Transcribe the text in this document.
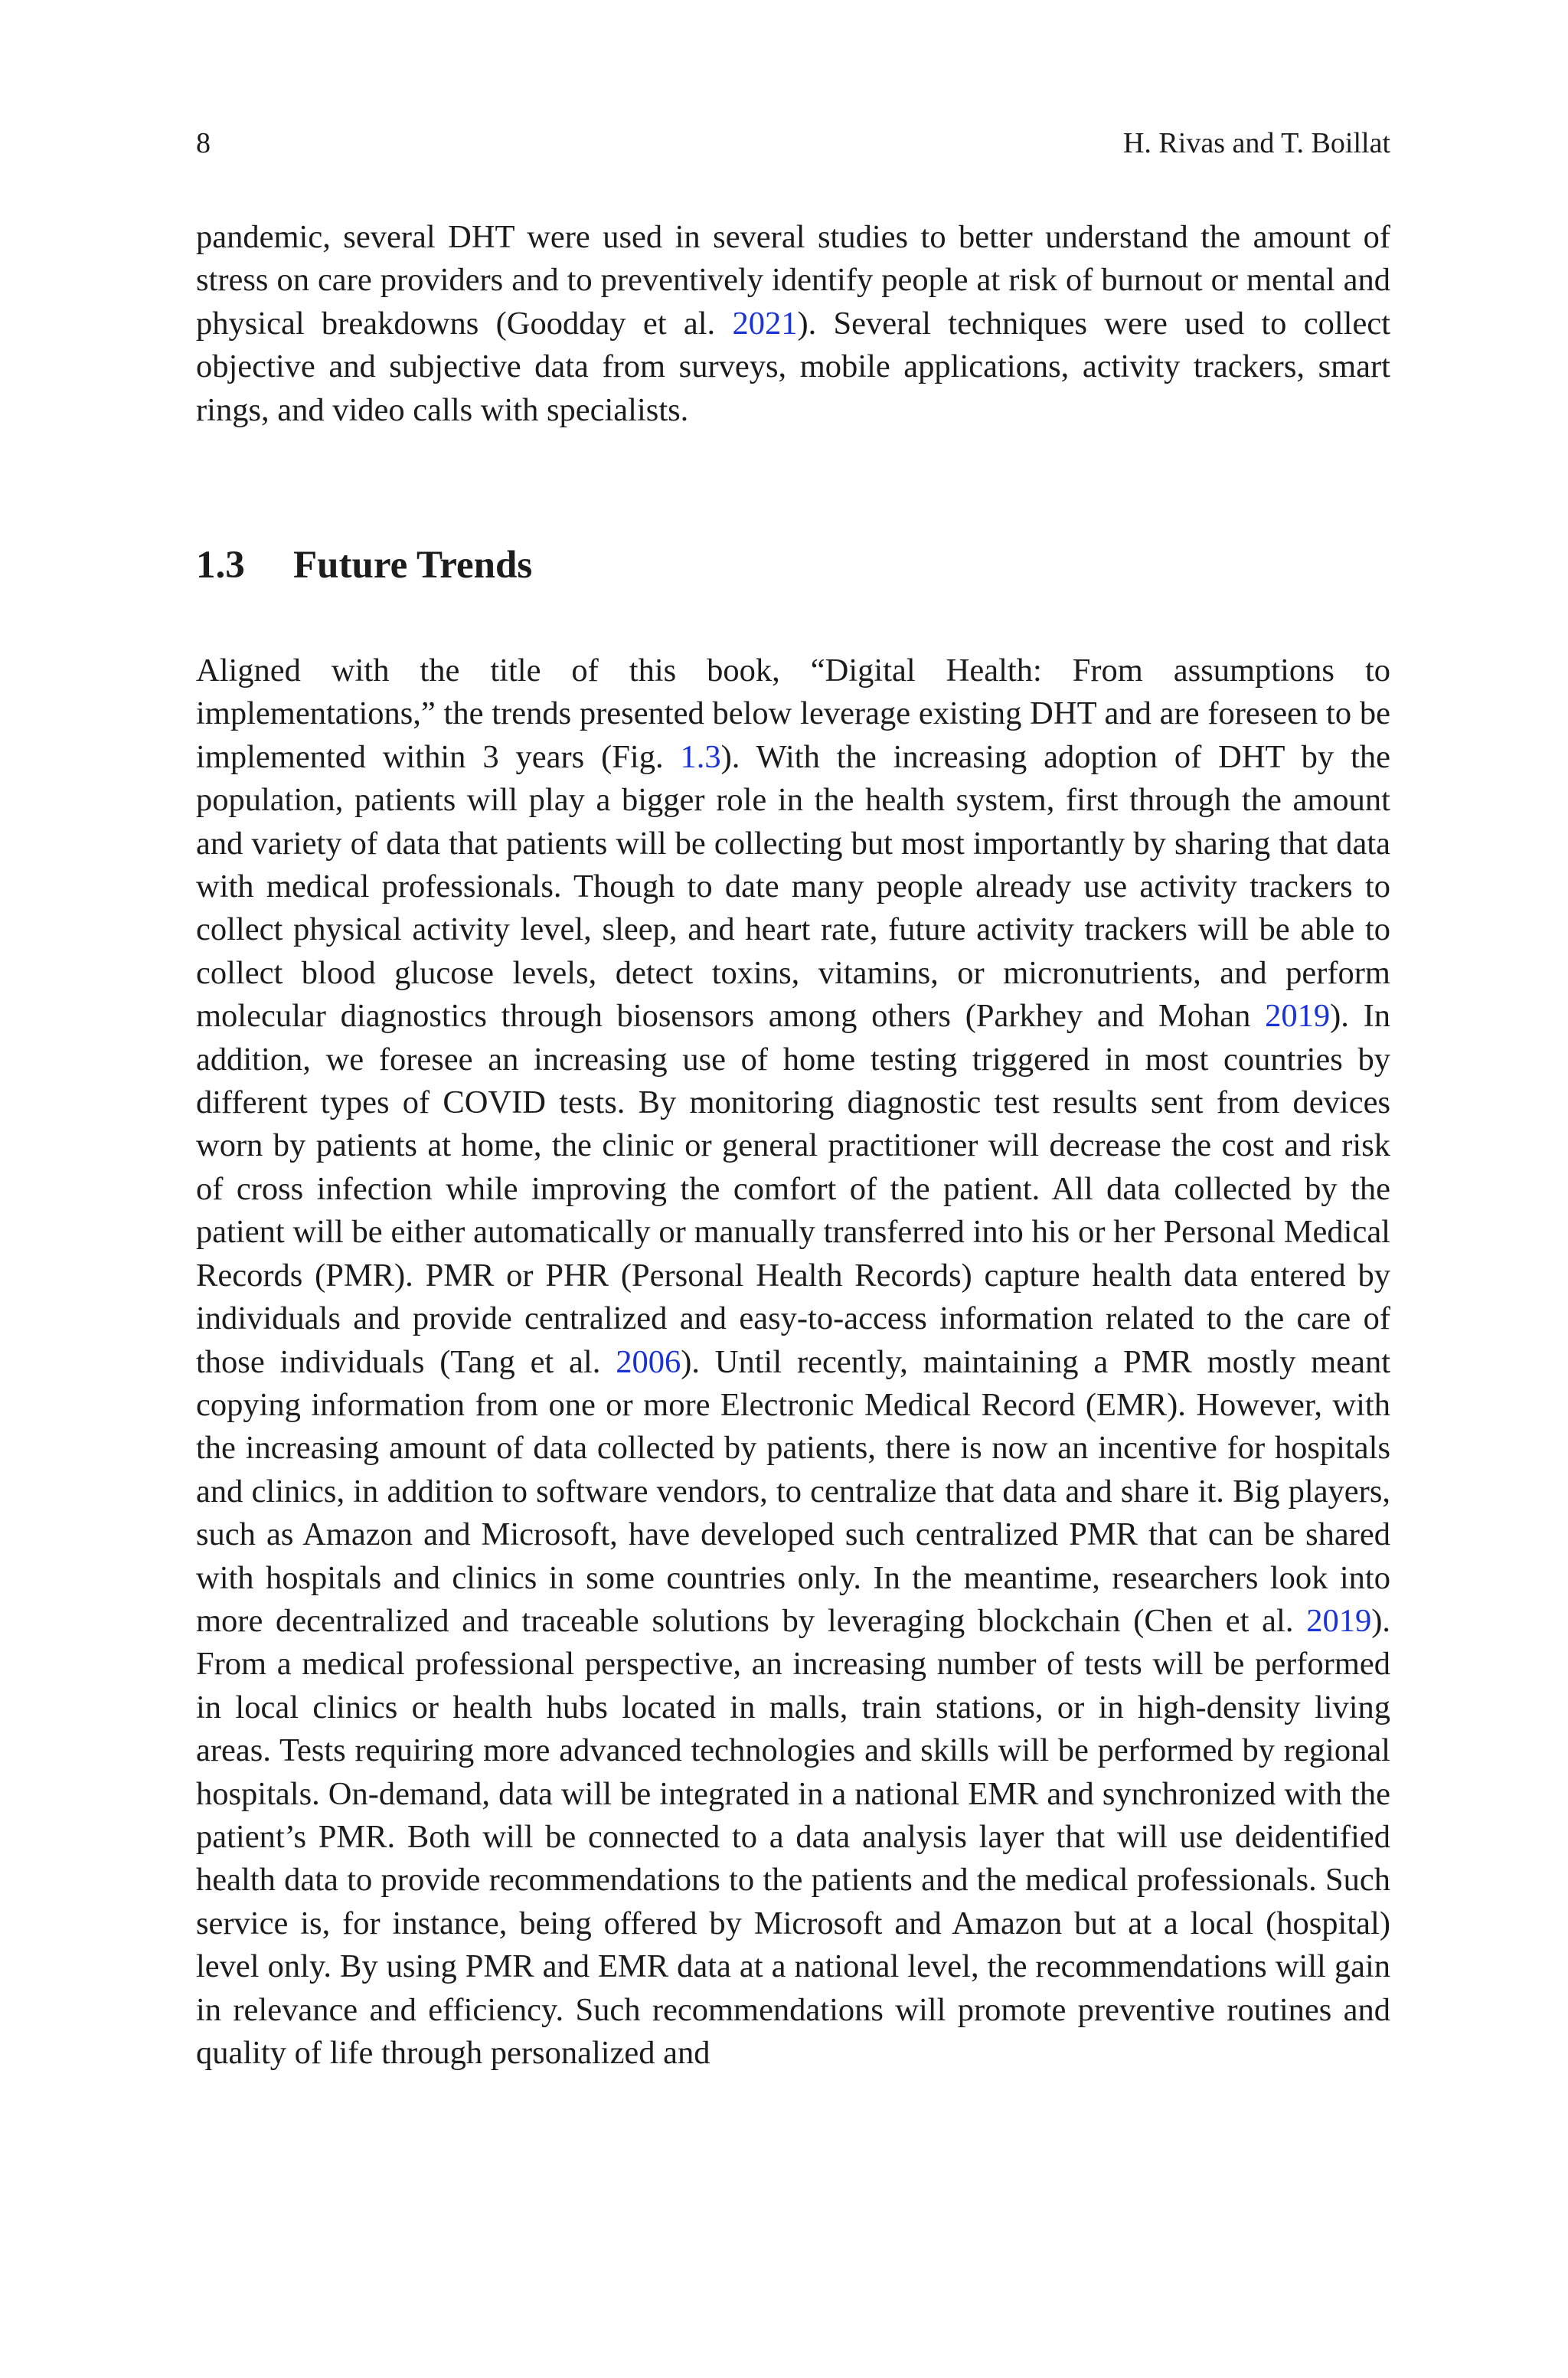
8	H. Rivas and T. Boillat

pandemic, several DHT were used in several studies to better understand the amount of stress on care providers and to preventively identify people at risk of burnout or mental and physical breakdowns (Goodday et al. 2021). Several techniques were used to collect objective and subjective data from surveys, mobile applications, activity trackers, smart rings, and video calls with specialists.

1.3 Future Trends

Aligned with the title of this book, “Digital Health: From assumptions to implementations,” the trends presented below leverage existing DHT and are foreseen to be implemented within 3 years (Fig. 1.3). With the increasing adoption of DHT by the population, patients will play a bigger role in the health system, first through the amount and variety of data that patients will be collecting but most importantly by sharing that data with medical professionals. Though to date many people already use activity trackers to collect physical activity level, sleep, and heart rate, future activity trackers will be able to collect blood glucose levels, detect toxins, vitamins, or micronutrients, and perform molecular diagnostics through biosensors among others (Parkhey and Mohan 2019). In addition, we foresee an increasing use of home testing triggered in most countries by different types of COVID tests. By monitoring diagnostic test results sent from devices worn by patients at home, the clinic or general practitioner will decrease the cost and risk of cross infection while improving the comfort of the patient. All data collected by the patient will be either automatically or manually transferred into his or her Personal Medical Records (PMR). PMR or PHR (Personal Health Records) capture health data entered by individuals and provide centralized and easy-to-access information related to the care of those individuals (Tang et al. 2006). Until recently, maintaining a PMR mostly meant copying information from one or more Electronic Medical Record (EMR). However, with the increasing amount of data collected by patients, there is now an incentive for hospitals and clinics, in addition to software vendors, to centralize that data and share it. Big players, such as Amazon and Microsoft, have developed such centralized PMR that can be shared with hospitals and clinics in some countries only. In the meantime, researchers look into more decentralized and traceable solutions by leveraging blockchain (Chen et al. 2019). From a medical professional perspective, an increasing number of tests will be performed in local clinics or health hubs located in malls, train stations, or in high-density living areas. Tests requiring more advanced technologies and skills will be performed by regional hospitals. On-demand, data will be integrated in a national EMR and synchronized with the patient’s PMR. Both will be connected to a data analysis layer that will use deidentified health data to provide recommendations to the patients and the medical professionals. Such service is, for instance, being offered by Microsoft and Amazon but at a local (hospital) level only. By using PMR and EMR data at a national level, the recommendations will gain in relevance and efficiency. Such recommendations will promote preventive routines and quality of life through personalized and
